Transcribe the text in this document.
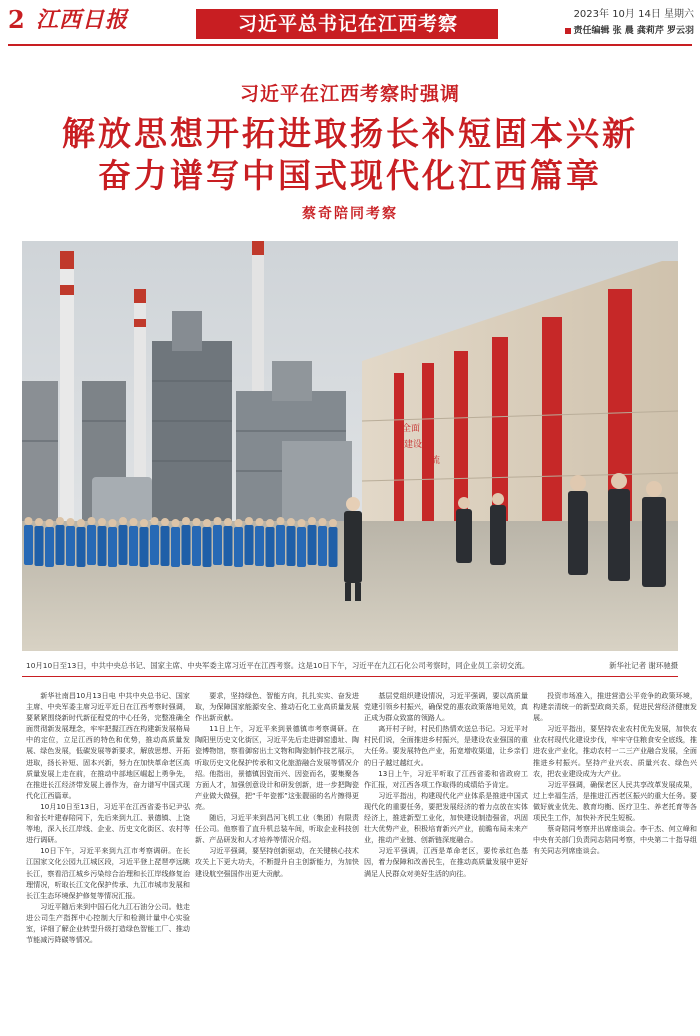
2 江西日报	习近平总书记在江西考察	2023年 10月 14日 星期六
责任编辑 张 晨 龚莉芹 罗云羽
习近平在江西考察时强调
解放思想开拓进取扬长补短固本兴新
奋力谱写中国式现代化江西篇章
蔡奇陪同考察
全面
建设
一流
10月10日至13日，中共中央总书记、国家主席、中央军委主席习近平在江西考察。这是10日下午，习近平在九江石化公司考察时，同企业员工亲切交流。	新华社记者 谢环驰摄

新华社南昌10月13日电 中共中央总书记、国家主席、中央军委主席习近平近日在江西考察时强调，要紧紧围绕新时代新征程党的中心任务，完整准确全面贯彻新发展理念，牢牢把握江西在构建新发展格局中的定位，立足江西的特色和优势，推动高质量发展、绿色发展，低碳发展等新要求，解放思想、开拓进取，扬长补短、固本兴新，努力在加快革命老区高质量发展上走在前，在推动中部地区崛起上勇争先，在推进长江经济带发展上善作为，奋力谱写中国式现代化江西篇章。

10月10日至13日，习近平在江西省委书记尹弘和省长叶建春陪同下，先后来到九江、景德镇、上饶等地，深入长江岸线、企业、历史文化街区、农村等进行调研。

10日下午，习近平来到九江市考察调研。在长江国家文化公园九江城区段，习近平登上琵琶亭远眺长江，察看沿江城乡污染综合治理和长江岸线修复治理情况，听取长江文化保护传承、九江市城市发展和长江生态环境保护修复等情况汇报。

习近平随后来到中国石化九江石油分公司。他走进公司生产指挥中心控制大厅和检测计量中心实验室，详细了解企业转型升级打造绿色智能工厂、推动节能减污降碳等情况。

要求，坚持绿色、智能方向，扎扎实实、奋发进取，为保障国家能源安全、推动石化工业高质量发展作出新贡献。

11日上午，习近平来到景德镇市考察调研。在陶阳里历史文化街区，习近平先后走进御窑遗址、陶瓷博物馆，察看御窑出土文物和陶瓷制作技艺展示，听取历史文化保护传承和文化旅游融合发展等情况介绍。他指出，景德镇因瓷而兴、因瓷而名，要集聚各方面人才，加强创意设计和研发创新，进一步把陶瓷产业做大做强，把“千年瓷都”这张靓丽的名片擦得更亮。

随后，习近平来到昌河飞机工业（集团）有限责任公司。他察看了直升机总装车间，听取企业科技创新、产品研发和人才培养等情况介绍。

习近平强调，要坚持创新驱动，在关键核心技术攻关上下更大功夫，不断提升自主创新能力，为加快建设航空强国作出更大贡献。

基层党组织建设情况，习近平强调，要以高质量党建引领乡村振兴，确保党的惠农政策落地见效，真正成为群众致富的领路人。

离开村子时，村民们热情欢送总书记。习近平对村民们说，全面推进乡村振兴，是建设农业强国的重大任务。要发展特色产业，拓宽增收渠道，让乡亲们的日子越过越红火。

13日上午，习近平听取了江西省委和省政府工作汇报，对江西各项工作取得的成绩给予肯定。

习近平指出，构建现代化产业体系是推进中国式现代化的重要任务，要把发展经济的着力点放在实体经济上，推进新型工业化，加快建设制造强省，巩固壮大优势产业，积极培育新兴产业，前瞻布局未来产业，推动产业链、创新链深度融合。

习近平强调，江西是革命老区，要传承红色基因，着力保障和改善民生，在推动高质量发展中更好满足人民群众对美好生活的向往。

投资市场准入，推进营造公平竞争的政策环境，构建亲清统一的新型政商关系，促进民营经济健康发展。

习近平指出，要坚持农业农村优先发展，加快农业农村现代化建设步伐，牢牢守住粮食安全底线，推进农业产业化，推动农村一二三产业融合发展，全面推进乡村振兴。坚持产业兴农、质量兴农、绿色兴农，把农业建设成为大产业。

习近平强调，确保老区人民共享改革发展成果，过上幸福生活，是推进江西老区振兴的重大任务。要做好就业优先、教育均衡、医疗卫生、养老托育等各项民生工作，加快补齐民生短板。

蔡奇陪同考察并出席座谈会。李干杰、何立峰和中央有关部门负责同志陪同考察，中央第二十指导组有关同志列席座谈会。
